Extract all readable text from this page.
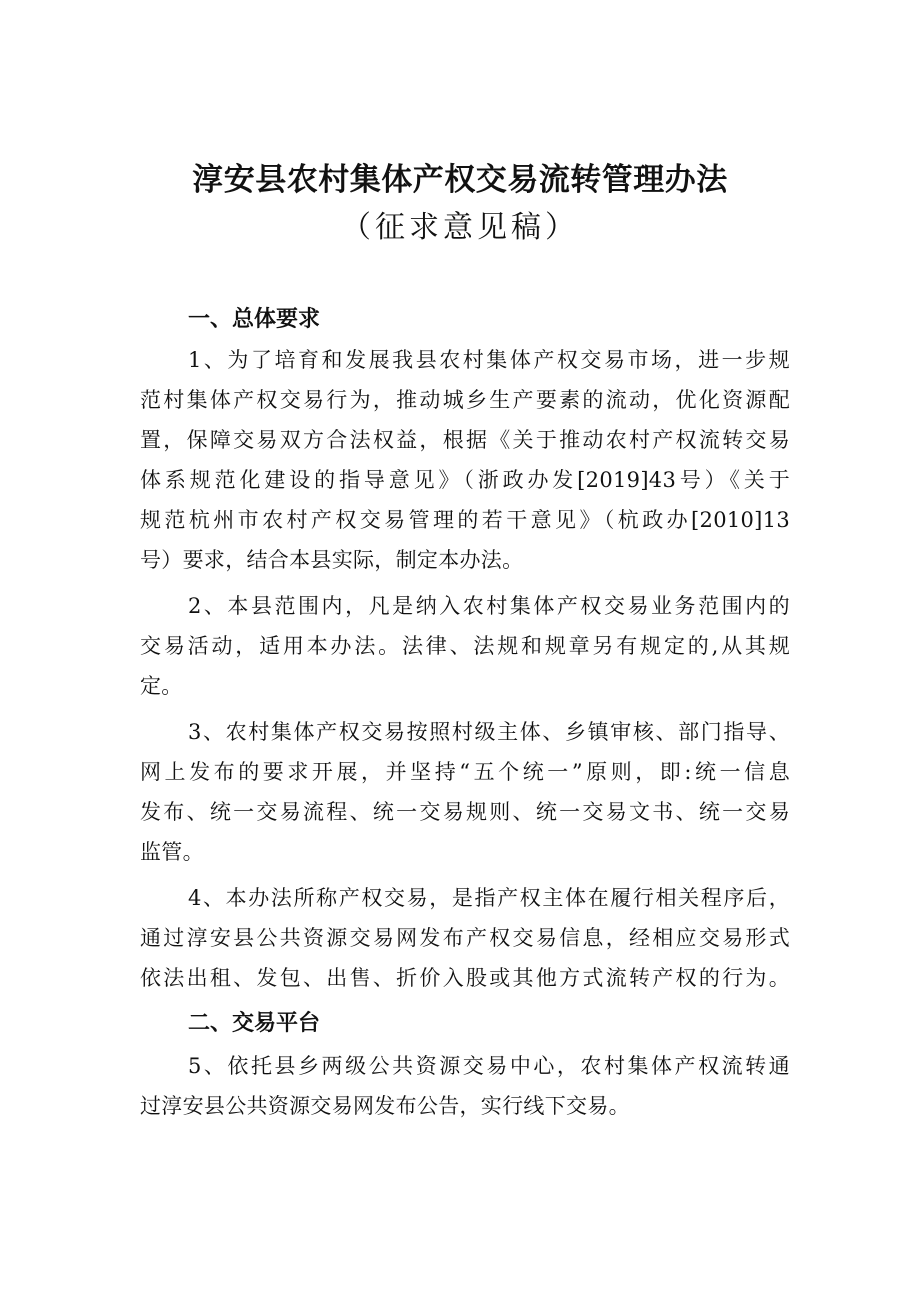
淳安县农村集体产权交易流转管理办法
（征求意见稿）
一、总体要求
1、为了培育和发展我县农村集体产权交易市场，进一步规
范村集体产权交易行为，推动城乡生产要素的流动，优化资源配
置，保障交易双方合法权益，根据《关于推动农村产权流转交易
体系规范化建设的指导意见》（浙政办发[2019]43号）《关于
规范杭州市农村产权交易管理的若干意见》（杭政办[2010]13
号）要求，结合本县实际，制定本办法。
2、本县范围内，凡是纳入农村集体产权交易业务范围内的
交易活动，适用本办法。法律、法规和规章另有规定的,从其规
定。
3、农村集体产权交易按照村级主体、乡镇审核、部门指导、
网上发布的要求开展，并坚持“五个统一”原则，即:统一信息
发布、统一交易流程、统一交易规则、统一交易文书、统一交易
监管。
4、本办法所称产权交易，是指产权主体在履行相关程序后，
通过淳安县公共资源交易网发布产权交易信息，经相应交易形式
依法出租、发包、出售、折价入股或其他方式流转产权的行为。
二、交易平台
5、依托县乡两级公共资源交易中心，农村集体产权流转通
过淳安县公共资源交易网发布公告，实行线下交易。
